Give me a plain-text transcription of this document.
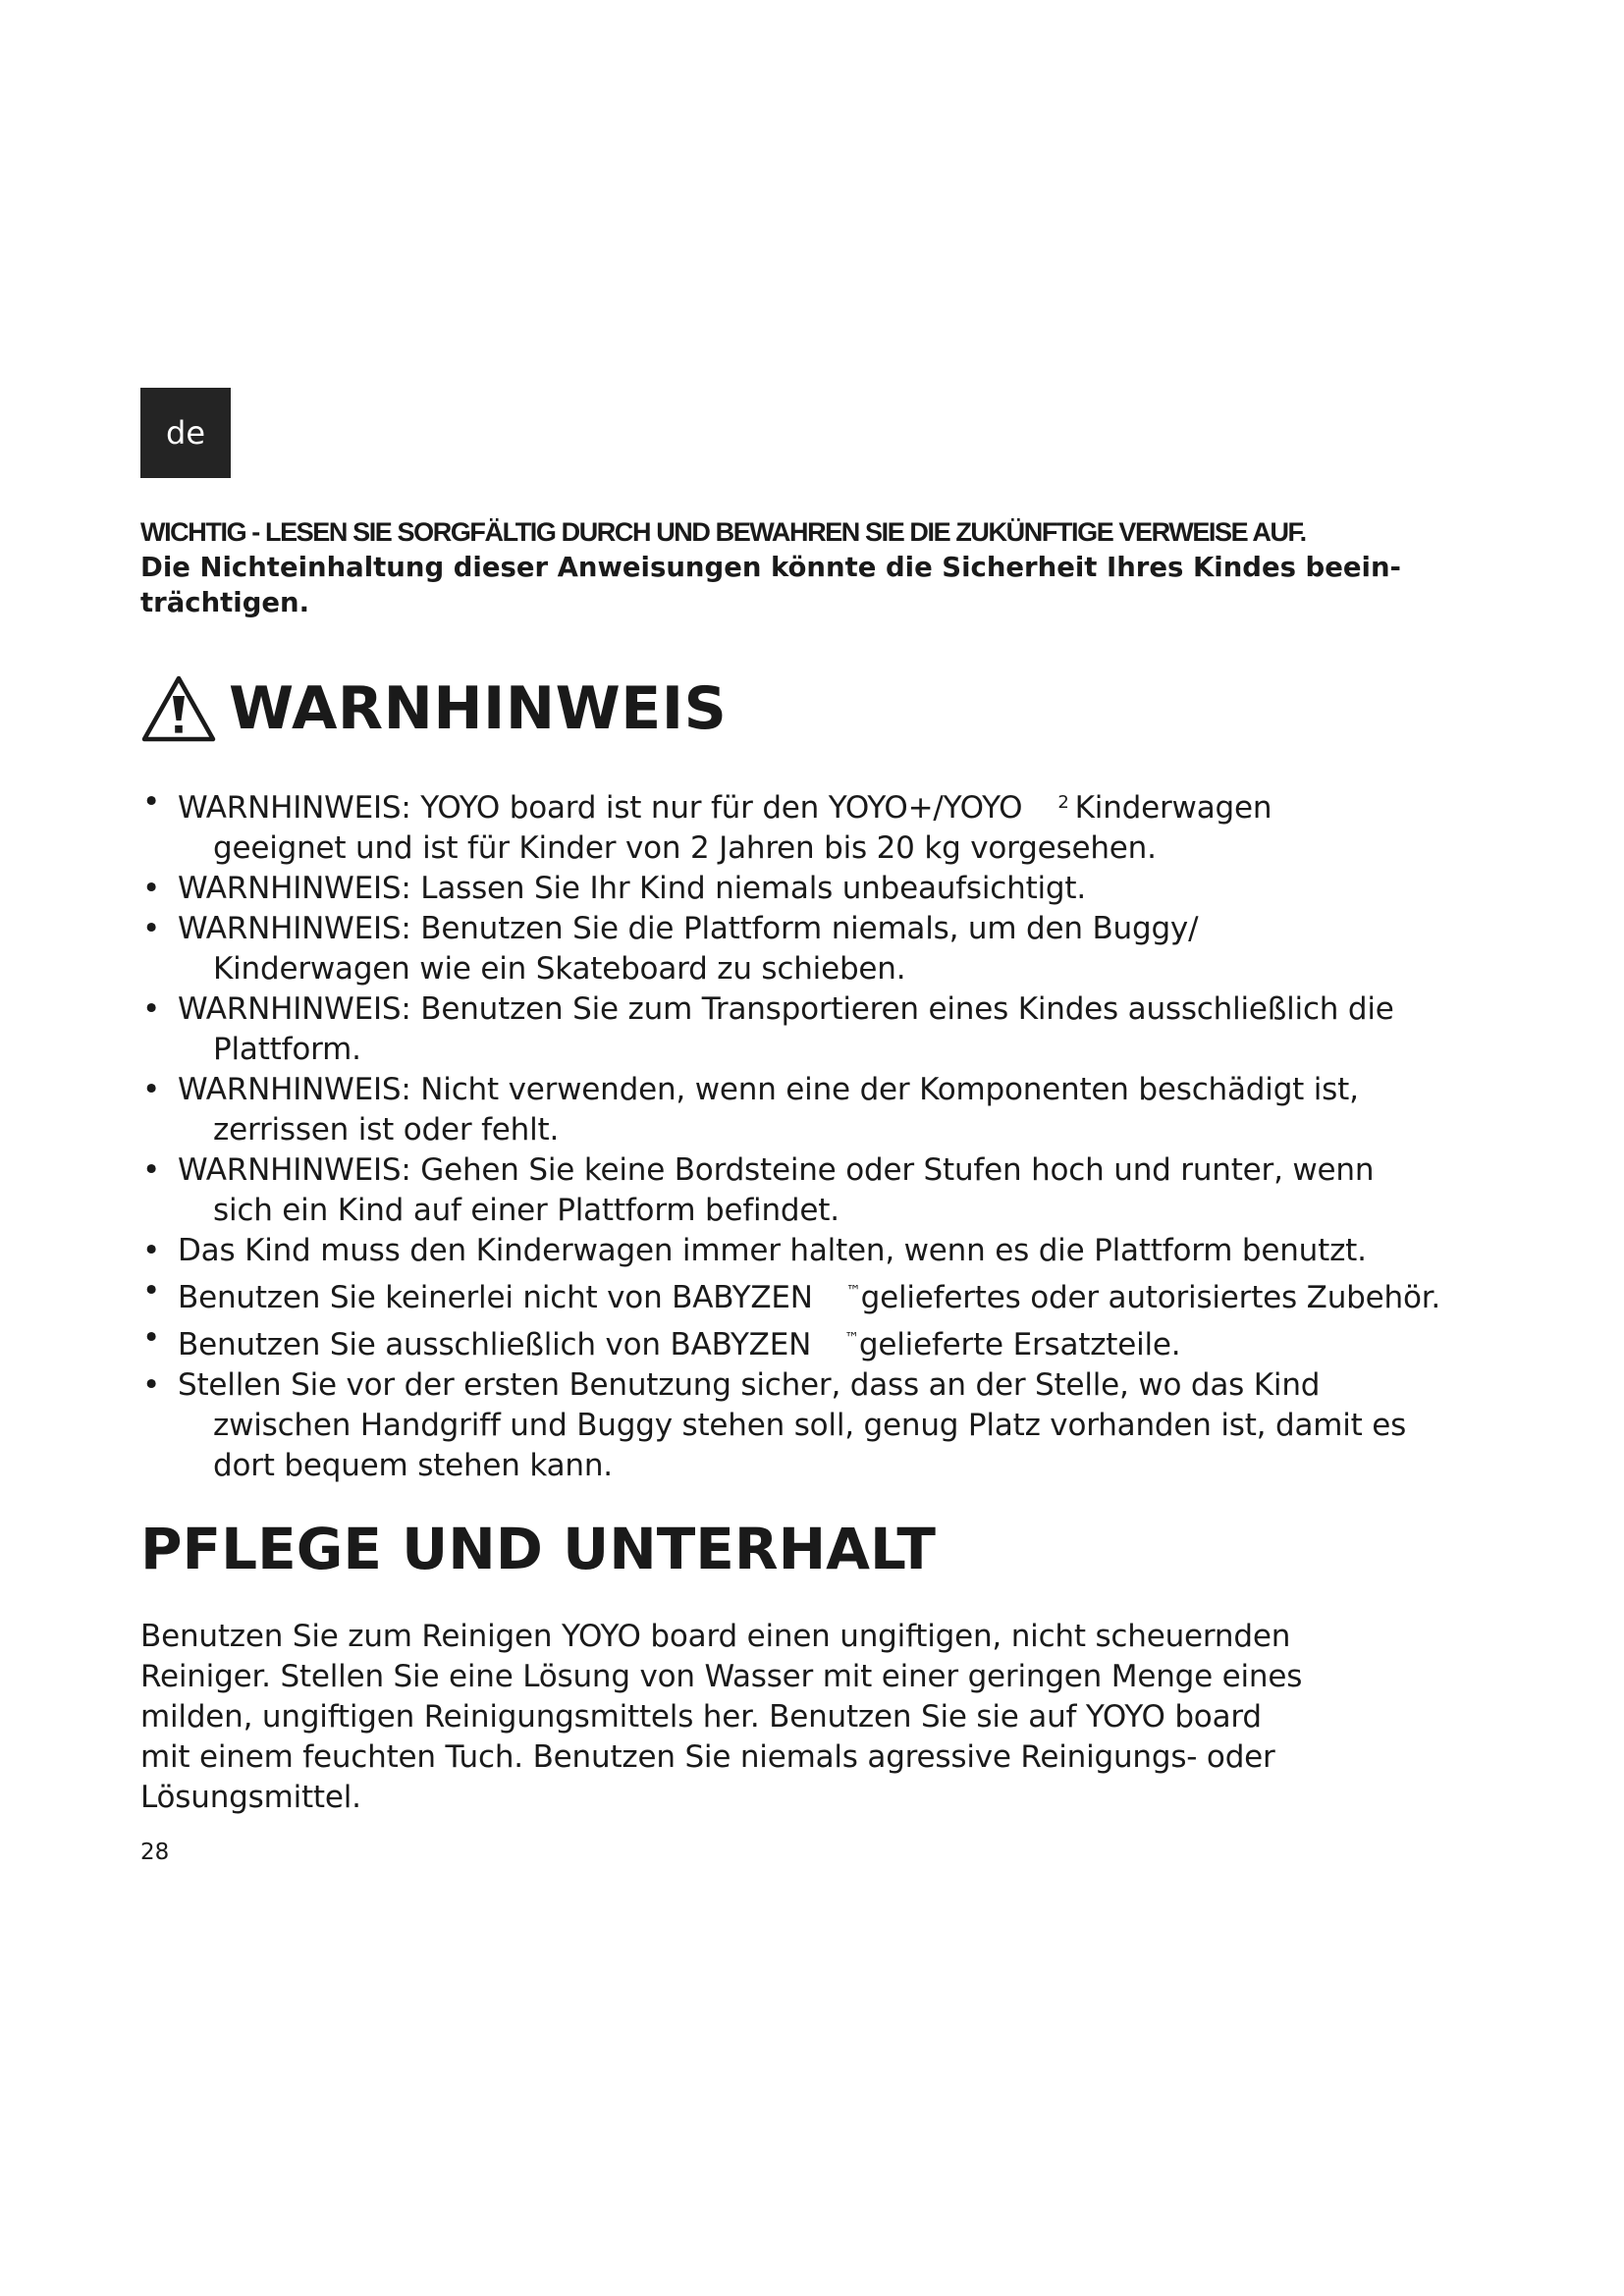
de
WICHTIG - LESEN SIE SORGFÄLTIG DURCH UND BEWAHREN SIE DIE ZUKÜNFTIGE VERWEISE AUF.
Die Nichteinhaltung dieser Anweisungen könnte die Sicherheit Ihres Kindes beein-
trächtigen.
WARNHINWEIS
• WARNHINWEIS: YOYO board ist nur für den YOYO+/YOYO $^2$ Kinderwagen
geeignet und ist für Kinder von 2 Jahren bis 20 kg vorgesehen.
• WARNHINWEIS: Lassen Sie Ihr Kind niemals unbeaufsichtigt.
• WARNHINWEIS: Benutzen Sie die Plattform niemals, um den Buggy/
Kinderwagen wie ein Skateboard zu schieben.
• WARNHINWEIS: Benutzen Sie zum Transportieren eines Kindes ausschließlich die
Plattform.
• WARNHINWEIS: Nicht verwenden, wenn eine der Komponenten beschädigt ist,
zerrissen ist oder fehlt.
• WARNHINWEIS: Gehen Sie keine Bordsteine oder Stufen hoch und runter, wenn
sich ein Kind auf einer Plattform befindet.
• Das Kind muss den Kinderwagen immer halten, wenn es die Plattform benutzt.
• Benutzen Sie keinerlei nicht von BABYZEN ™geliefertes oder autorisiertes Zubehör.
• Benutzen Sie ausschließlich von BABYZEN ™gelieferte Ersatzteile.
• Stellen Sie vor der ersten Benutzung sicher, dass an der Stelle, wo das Kind
zwischen Handgriff und Buggy stehen soll, genug Platz vorhanden ist, damit es
dort bequem stehen kann.
PFLEGE UND UNTERHALT
Benutzen Sie zum Reinigen YOYO board einen ungiftigen, nicht scheuernden
Reiniger. Stellen Sie eine Lösung von Wasser mit einer geringen Menge eines
milden, ungiftigen Reinigungsmittels her. Benutzen Sie sie auf YOYO board
mit einem feuchten Tuch. Benutzen Sie niemals agressive Reinigungs- oder
Lösungsmittel.
28
